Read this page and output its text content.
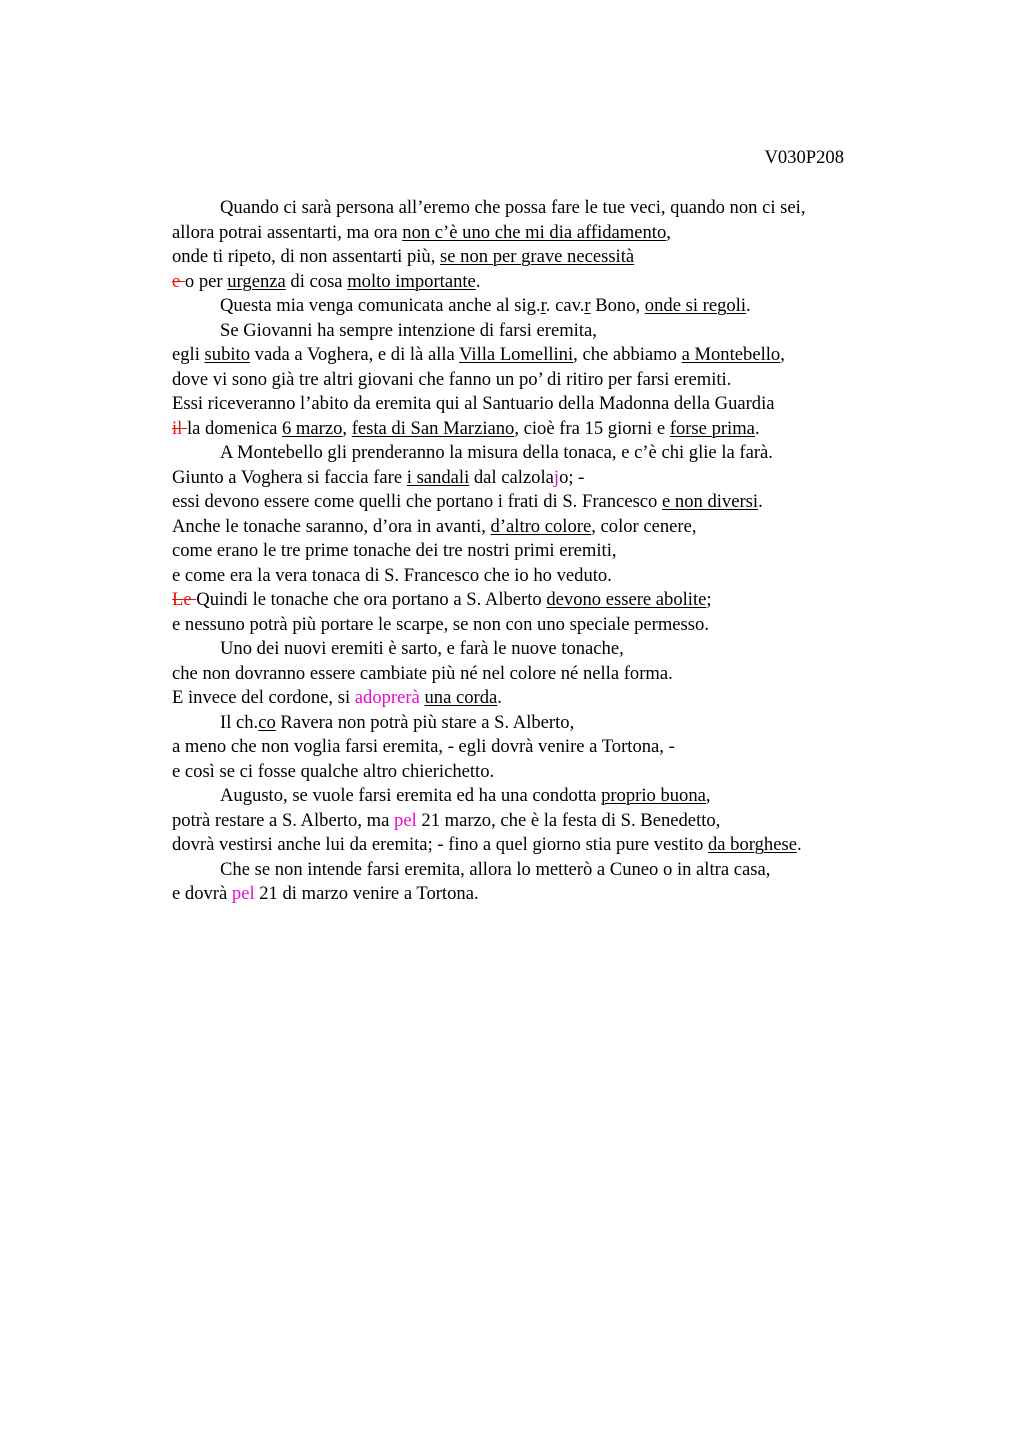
V030P208
Quando ci sarà persona all’eremo che possa fare le tue veci, quando non ci sei,
allora potrai assentarti, ma ora non c’è uno che mi dia affidamento,
onde ti ripeto, di non assentarti più, se non per grave necessità
e o per urgenza di cosa molto importante.
Questa mia venga comunicata anche al sig.r. cav.r Bono, onde si regoli.
Se Giovanni ha sempre intenzione di farsi eremita,
egli subito vada a Voghera, e di là alla Villa Lomellini, che abbiamo a Montebello,
dove vi sono già tre altri giovani che fanno un po’ di ritiro per farsi eremiti.
Essi riceveranno l’abito da eremita qui al Santuario della Madonna della Guardia
il la domenica 6 marzo, festa di San Marziano, cioè fra 15 giorni e forse prima.
A Montebello gli prenderanno la misura della tonaca, e c’è chi glie la farà.
Giunto a Voghera si faccia fare i sandali dal calzolajo; -
essi devono essere come quelli che portano i frati di S. Francesco e non diversi.
Anche le tonache saranno, d’ora in avanti, d’altro colore, color cenere,
come erano le tre prime tonache dei tre nostri primi eremiti,
e come era la vera tonaca di S. Francesco che io ho veduto.
Le Quindi le tonache che ora portano a S. Alberto devono essere abolite;
e nessuno potrà più portare le scarpe, se non con uno speciale permesso.
Uno dei nuovi eremiti è sarto, e farà le nuove tonache,
che non dovranno essere cambiate più né nel colore né nella forma.
E invece del cordone, si adoprerà una corda.
Il ch.co Ravera non potrà più stare a S. Alberto,
a meno che non voglia farsi eremita, - egli dovrà venire a Tortona, -
e così se ci fosse qualche altro chierichetto.
Augusto, se vuole farsi eremita ed ha una condotta proprio buona,
potrà restare a S. Alberto, ma pel 21 marzo, che è la festa di S. Benedetto,
dovrà vestirsi anche lui da eremita; - fino a quel giorno stia pure vestito da borghese.
Che se non intende farsi eremita, allora lo metterò a Cuneo o in altra casa,
e dovrà pel 21 di marzo venire a Tortona.
